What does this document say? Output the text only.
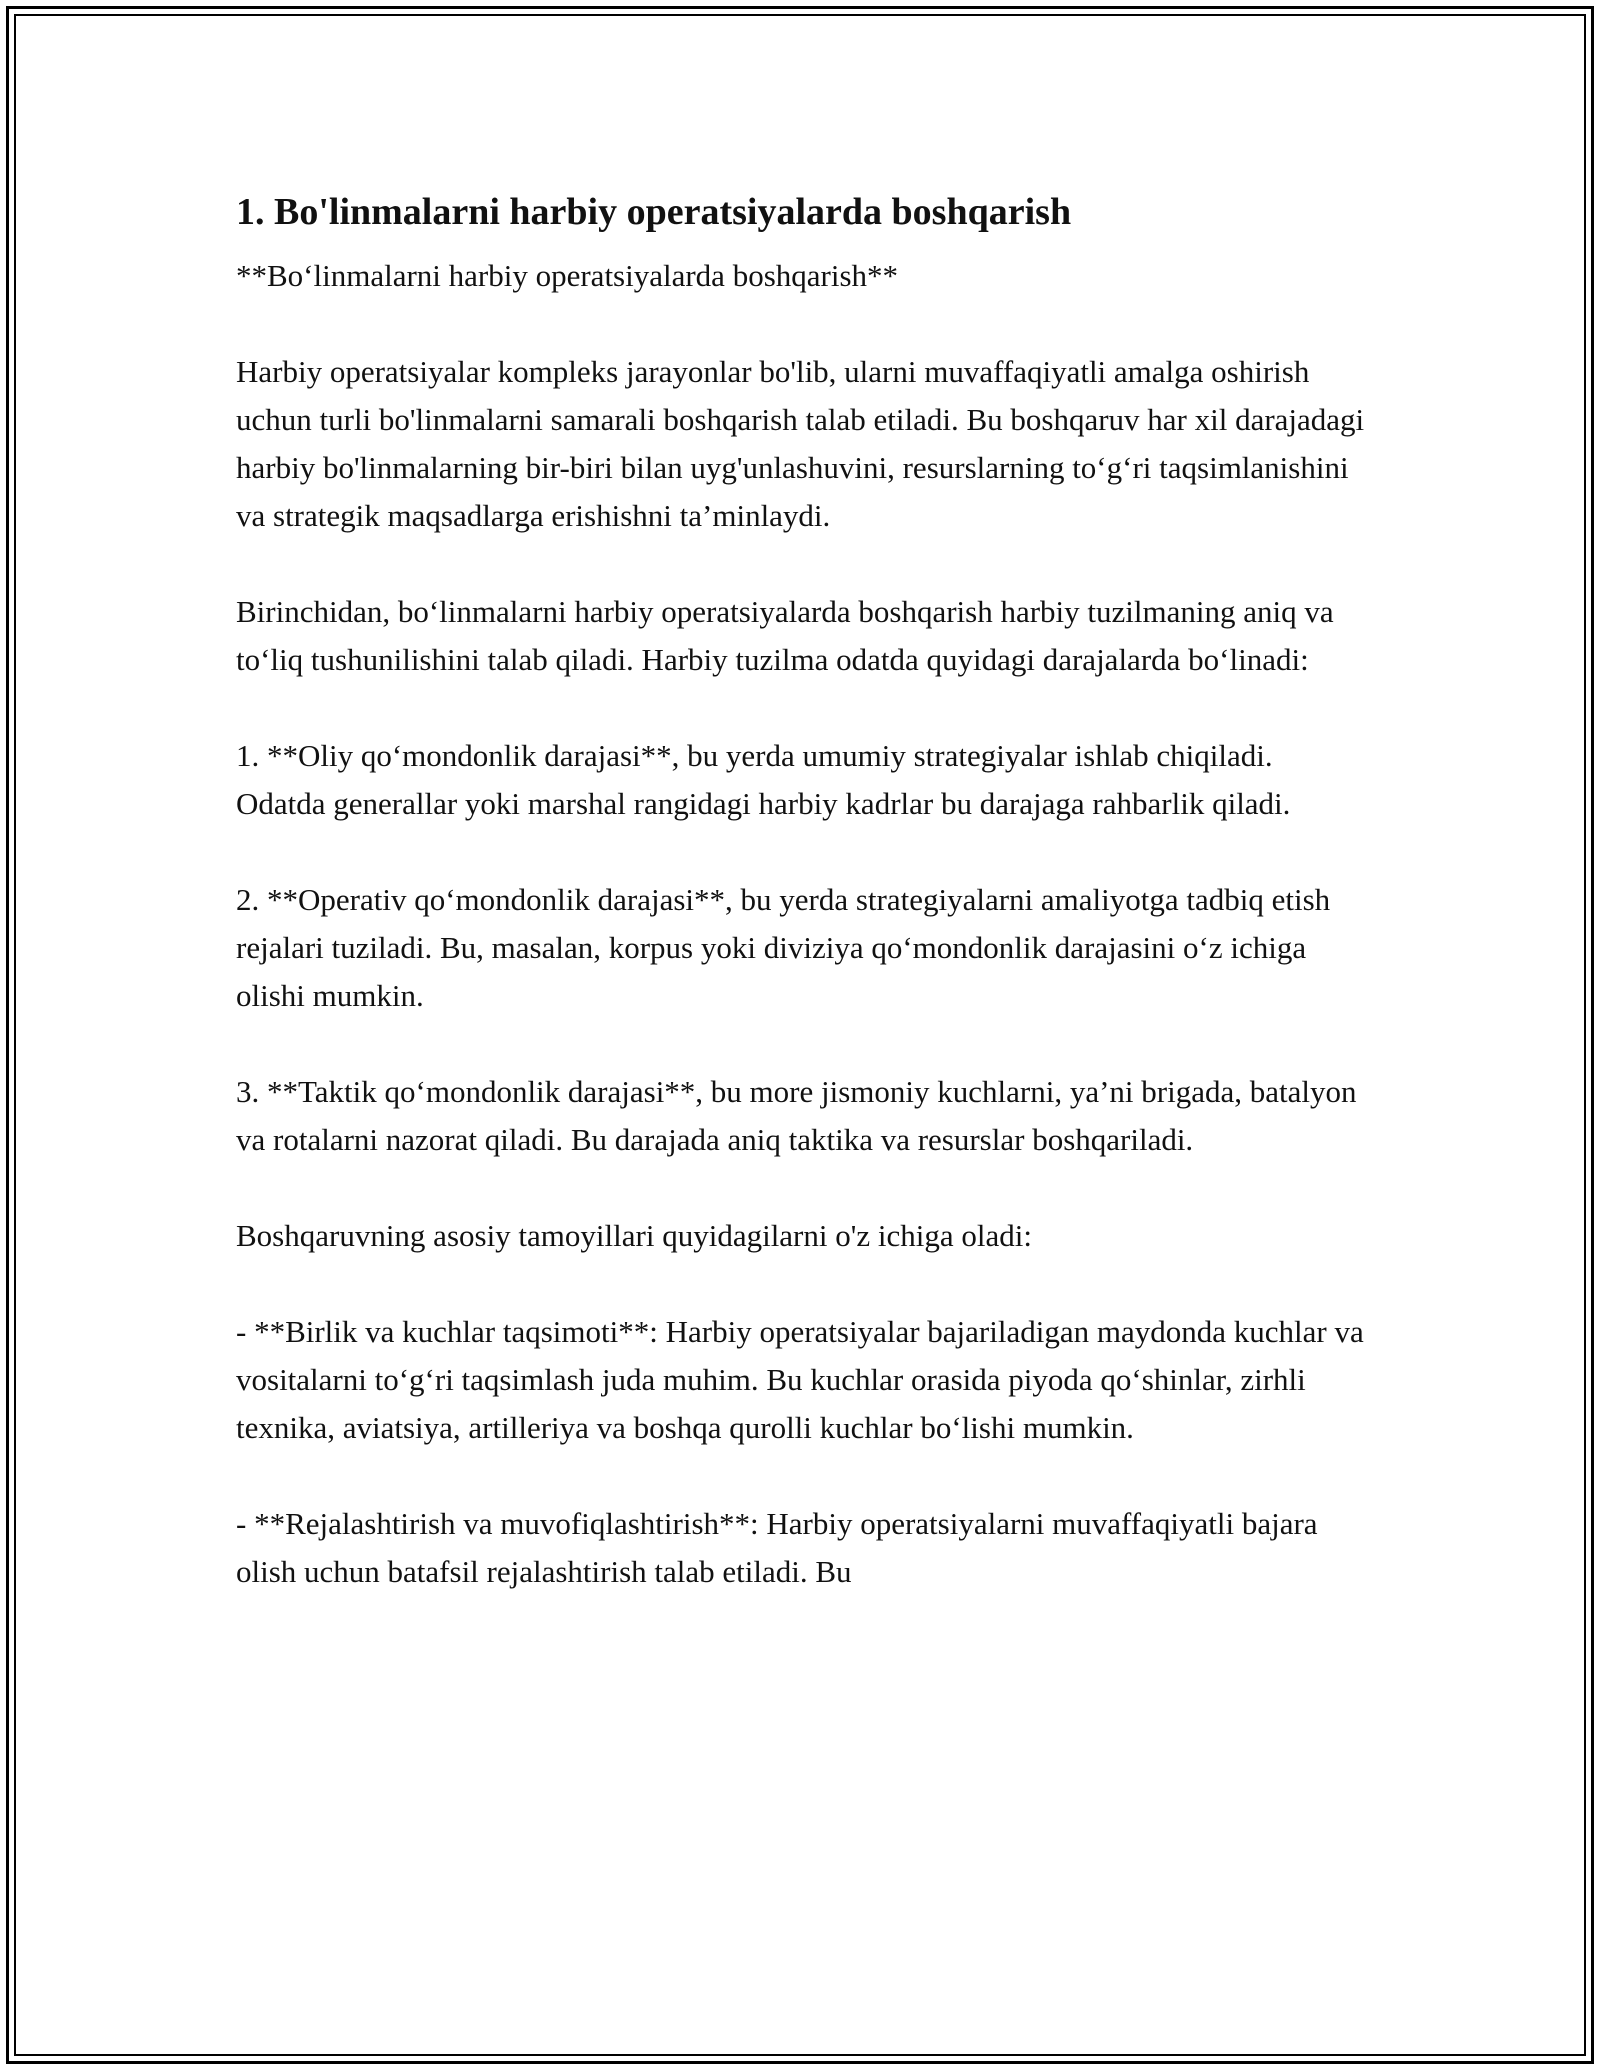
1. Bo'linmalarni harbiy operatsiyalarda boshqarish

**Bo‘linmalarni harbiy operatsiyalarda boshqarish**

Harbiy operatsiyalar kompleks jarayonlar bo'lib, ularni muvaffaqiyatli amalga oshirish uchun turli bo'linmalarni samarali boshqarish talab etiladi. Bu boshqaruv har xil darajadagi harbiy bo'linmalarning bir-biri bilan uyg'unlashuvini, resurslarning to‘g‘ri taqsimlanishini va strategik maqsadlarga erishishni ta’minlaydi.

Birinchidan, bo‘linmalarni harbiy operatsiyalarda boshqarish harbiy tuzilmaning aniq va to‘liq tushunilishini talab qiladi. Harbiy tuzilma odatda quyidagi darajalarda bo‘linadi:

1. **Oliy qo‘mondonlik darajasi**, bu yerda umumiy strategiyalar ishlab chiqiladi. Odatda generallar yoki marshal rangidagi harbiy kadrlar bu darajaga rahbarlik qiladi.

2. **Operativ qo‘mondonlik darajasi**, bu yerda strategiyalarni amaliyotga tadbiq etish rejalari tuziladi. Bu, masalan, korpus yoki diviziya qo‘mondonlik darajasini o‘z ichiga olishi mumkin.

3. **Taktik qo‘mondonlik darajasi**, bu more jismoniy kuchlarni, ya’ni brigada, batalyon va rotalarni nazorat qiladi. Bu darajada aniq taktika va resurslar boshqariladi.

Boshqaruvning asosiy tamoyillari quyidagilarni o'z ichiga oladi:

- **Birlik va kuchlar taqsimoti**: Harbiy operatsiyalar bajariladigan maydonda kuchlar va vositalarni to‘g‘ri taqsimlash juda muhim. Bu kuchlar orasida piyoda qo‘shinlar, zirhli texnika, aviatsiya, artilleriya va boshqa qurolli kuchlar bo‘lishi mumkin.

- **Rejalashtirish va muvofiqlashtirish**: Harbiy operatsiyalarni muvaffaqiyatli bajara olish uchun batafsil rejalashtirish talab etiladi. Bu
